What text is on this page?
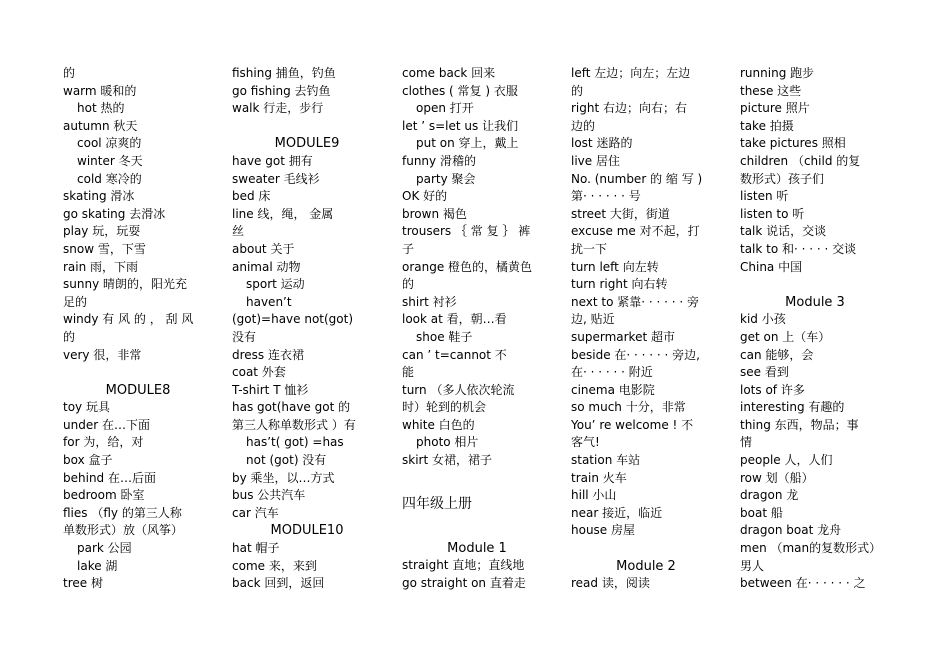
的
warm 暖和的
hot 热的
autumn 秋天
cool 凉爽的
winter 冬天
cold 寒冷的
skating 滑冰
go skating 去滑冰
play 玩，玩耍
snow 雪，下雪
rain 雨，下雨
sunny 晴朗的，阳光充
足的
windy 有 风 的 ， 刮 风
的
very 很，非常
MODULE8
toy 玩具
under 在…下面
for 为，给，对
box 盒子
behind 在…后面
bedroom 卧室
flies （fly 的第三人称
单数形式）放（风筝）
park 公园
lake 湖
tree 树
fishing 捕鱼，钓鱼
go fishing 去钓鱼
walk 行走，步行
MODULE9
have got 拥有
sweater 毛线衫
bed 床
line 线，绳， 金属
丝
about 关于
animal 动物
sport 运动
haven’t
(got)=have not(got)
没有
dress 连衣裙
coat 外套
T-shirt T 恤衫
has got(have got 的
第三人称单数形式 ）有
has’t( got) =has
not (got) 没有
by 乘坐，以…方式
bus 公共汽车
car 汽车
MODULE10
hat 帽子
come 来，来到
back 回到，返回
come back 回来
clothes ( 常复 ) 衣服
open 打开
let ’ s=let us 让我们
put on 穿上，戴上
funny 滑稽的
party 聚会
OK 好的
brown 褐色
trousers ｛ 常 复 ｝ 裤
子
orange 橙色的，橘黄色
的
shirt 衬衫
look at 看，朝…看
shoe 鞋子
can ’ t=cannot 不
能
turn （多人依次轮流
时）轮到的机会
white 白色的
photo 相片
skirt 女裙，裙子
四年级上册
Module 1
straight 直地；直线地
go straight on 直着走
left 左边；向左；左边
的
right 右边；向右；右
边的
lost 迷路的
live 居住
No. (number 的 缩 写 )
第· · · · · · 号
street 大街，街道
excuse me 对不起，打
扰一下
turn left 向左转
turn right 向右转
next to 紧靠· · · · · · 旁
边, 贴近
supermarket 超市
beside 在· · · · · · 旁边,
在· · · · · · 附近
cinema 电影院
so much 十分，非常
You’ re welcome ! 不
客气!
station 车站
train 火车
hill 小山
near 接近，临近
house 房屋
Module 2
read 读，阅读
running 跑步
these 这些
picture 照片
take 拍摄
take pictures 照相
children （child 的复
数形式）孩子们
listen 听
listen to 听
talk 说话，交谈
talk to 和· · · · · 交谈
China 中国
Module 3
kid 小孩
get on 上（车）
can 能够，会
see 看到
lots of 许多
interesting 有趣的
thing 东西，物品；事
情
people 人，人们
row 划（船）
dragon 龙
boat 船
dragon boat 龙舟
men （man的复数形式）
男人
between 在· · · · · · 之
